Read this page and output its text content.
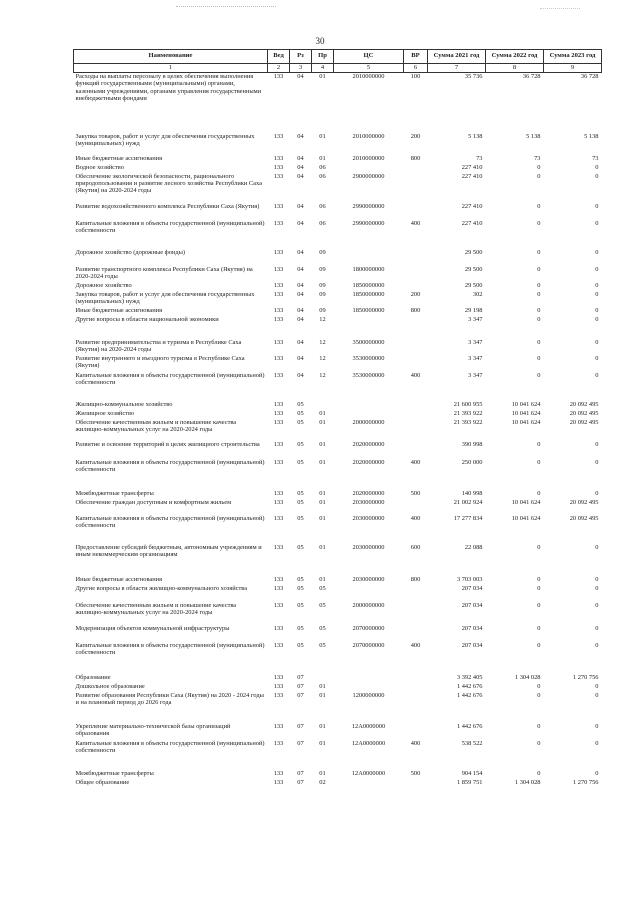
30
Наименование	Вед	Рз	Пр	ЦС	ВР	Сумма 2021 год	Сумма 2022 год	Сумма 2023 год
1	2	3	4	5	6	7	8	9
Расходы на выплаты персоналу в целях обеспечения выполнения функций государственными (муниципальными) органами, казенными учреждениями, органами управления государственными внебюджетными фондами	133	04	01	2010000000	100	35 736	36 728	36 728
Закупка товаров, работ и услуг для обеспечения государственных (муниципальных) нужд	133	04	01	2010000000	200	5 138	5 138	5 138
Иные бюджетные ассигнования	133	04	01	2010000000	800	73	73	73
Водное хозяйство	133	04	06			227 410	0	0
Обеспечение экологической безопасности, рационального природопользования и развитие лесного хозяйства Республики Саха (Якутия) на 2020-2024 годы	133	04	06	2900000000		227 410	0	0
Развитие водохозяйственного комплекса Республики Саха (Якутия)	133	04	06	2990000000		227 410	0	0
Капитальные вложения в объекты государственной (муниципальной) собственности	133	04	06	2990000000	400	227 410	0	0
Дорожное хозяйство (дорожные фонды)	133	04	09			29 500	0	0
Развитие транспортного комплекса Республики Саха (Якутия) на 2020-2024 годы	133	04	09	1800000000		29 500	0	0
Дорожное хозяйство	133	04	09	1850000000		29 500	0	0
Закупка товаров, работ и услуг для обеспечения государственных (муниципальных) нужд	133	04	09	1850000000	200	302	0	0
Иные бюджетные ассигнования	133	04	09	1850000000	800	29 198	0	0
Другие вопросы в области национальной экономики	133	04	12			3 347	0	0
Развитие предпринимательства и туризма в Республике Саха (Якутия) на 2020-2024 годы	133	04	12	3500000000		3 347	0	0
Развитие внутреннего и въездного туризма в Республике Саха (Якутия)	133	04	12	3530000000		3 347	0	0
Капитальные вложения в объекты государственной (муниципальной) собственности	133	04	12	3530000000	400	3 347	0	0
Жилищно-коммунальное хозяйство	133	05				21 600 955	10 041 624	20 092 495
Жилищное хозяйство	133	05	01			21 393 922	10 041 624	20 092 495
Обеспечение качественным жильем и повышение качества жилищно-коммунальных услуг на 2020-2024 годы	133	05	01	2000000000		21 393 922	10 041 624	20 092 495
Развитие и освоение территорий в целях жилищного строительства	133	05	01	2020000000		390 998	0	0
Капитальные вложения в объекты государственной (муниципальной) собственности	133	05	01	2020000000	400	250 000	0	0
Межбюджетные трансферты	133	05	01	2020000000	500	140 998	0	0
Обеспечение граждан доступным и комфортным жильем	133	05	01	2030000000		21 002 924	10 041 624	20 092 495
Капитальные вложения в объекты государственной (муниципальной) собственности	133	05	01	2030000000	400	17 277 834	10 041 624	20 092 495
Предоставление субсидий бюджетным, автономным учреждениям и иным некоммерческим организациям	133	05	01	2030000000	600	22 088	0	0
Иные бюджетные ассигнования	133	05	01	2030000000	800	3 703 003	0	0
Другие вопросы в области жилищно-коммунального хозяйства	133	05	05			207 034	0	0
Обеспечение качественным жильем и повышение качества жилищно-коммунальных услуг на 2020-2024 годы	133	05	05	2000000000		207 034	0	0
Модернизация объектов коммунальной инфраструктуры	133	05	05	2070000000		207 034	0	0
Капитальные вложения в объекты государственной (муниципальной) собственности	133	05	05	2070000000	400	207 034	0	0
Образование	133	07				3 392 405	1 304 028	1 270 756
Дошкольное образование	133	07	01			1 442 676	0	0
Развитие образования Республики Саха (Якутия) на 2020 - 2024 годы и на плановый период до 2026 года	133	07	01	1200000000		1 442 676	0	0
Укрепление материально-технической базы организаций образования	133	07	01	12А0000000		1 442 676	0	0
Капитальные вложения в объекты государственной (муниципальной) собственности	133	07	01	12А0000000	400	538 522	0	0
Межбюджетные трансферты	133	07	01	12А0000000	500	904 154	0	0
Общее образование	133	07	02			1 859 751	1 304 028	1 270 756
